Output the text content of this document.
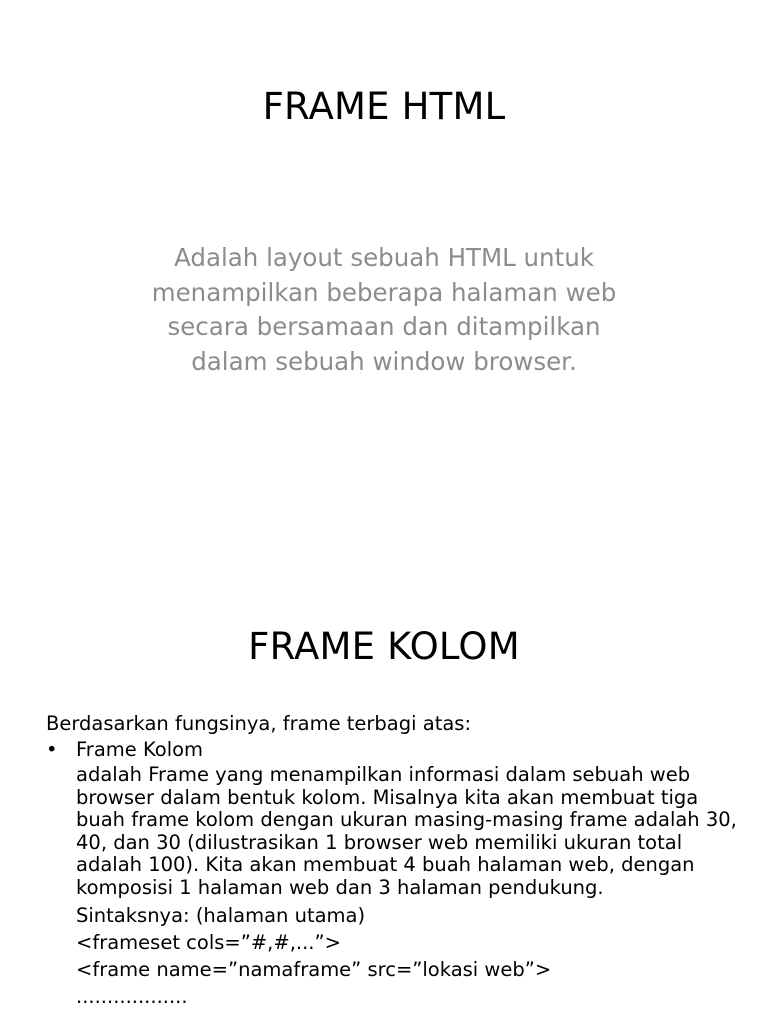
FRAME HTML

Adalah layout sebuah HTML untuk
menampilkan beberapa halaman web
secara bersamaan dan ditampilkan
dalam sebuah window browser.

FRAME KOLOM
Berdasarkan fungsinya, frame terbagi atas:
• Frame Kolom
adalah Frame yang menampilkan informasi dalam sebuah web
browser dalam bentuk kolom. Misalnya kita akan membuat tiga
buah frame kolom dengan ukuran masing-masing frame adalah 30,
40, dan 30 (dilustrasikan 1 browser web memiliki ukuran total
adalah 100). Kita akan membuat 4 buah halaman web, dengan
komposisi 1 halaman web dan 3 halaman pendukung.
Sintaksnya: (halaman utama)
<frameset cols=”#,#,...”>
<frame name=”namaframe” src=”lokasi web”>
..................
